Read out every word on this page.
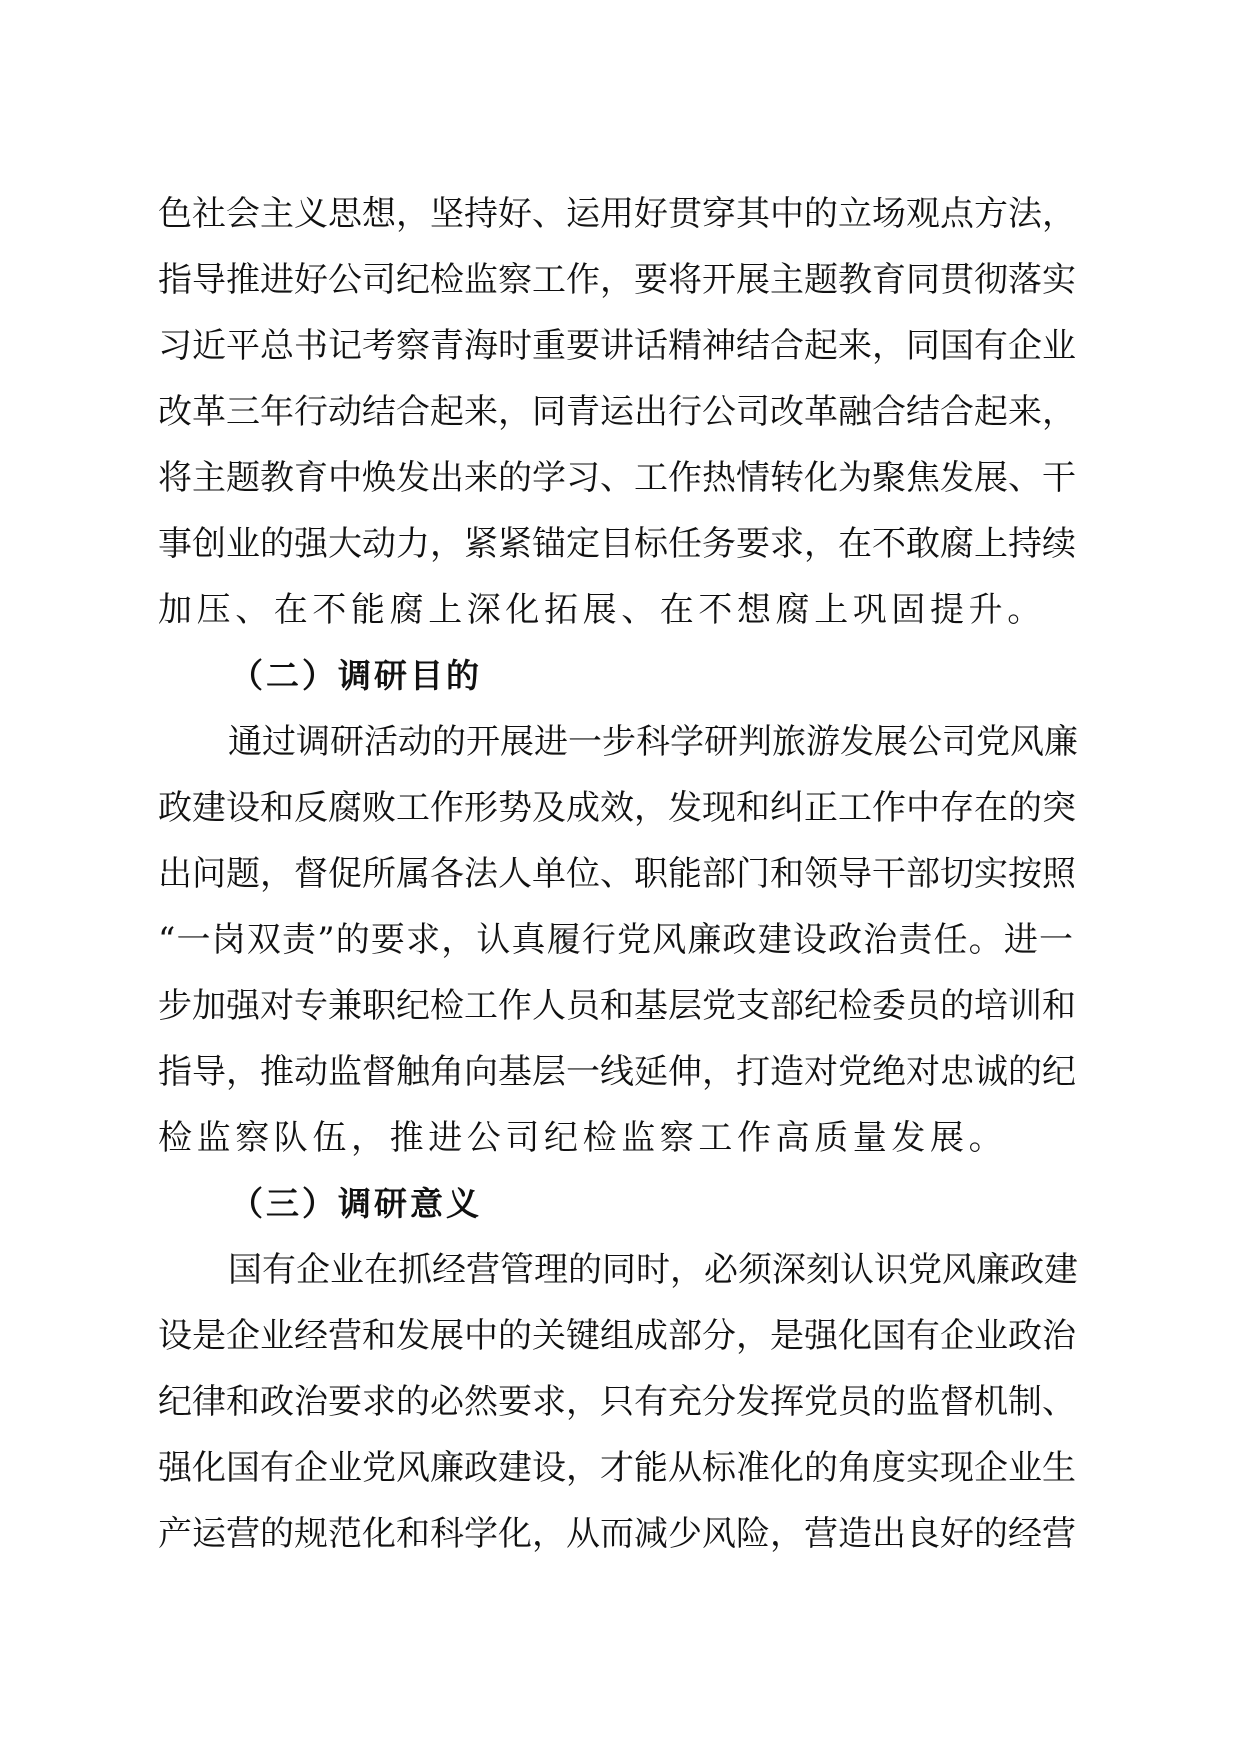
色社会主义思想，坚持好、运用好贯穿其中的立场观点方法，
指导推进好公司纪检监察工作，要将开展主题教育同贯彻落实
习近平总书记考察青海时重要讲话精神结合起来，同国有企业
改革三年行动结合起来，同青运出行公司改革融合结合起来，
将主题教育中焕发出来的学习、工作热情转化为聚焦发展、干
事创业的强大动力，紧紧锚定目标任务要求，在不敢腐上持续
加压、在不能腐上深化拓展、在不想腐上巩固提升。
（二）调研目的
通过调研活动的开展进一步科学研判旅游发展公司党风廉
政建设和反腐败工作形势及成效，发现和纠正工作中存在的突
出问题，督促所属各法人单位、职能部门和领导干部切实按照
“一岗双责”的要求，认真履行党风廉政建设政治责任。进一
步加强对专兼职纪检工作人员和基层党支部纪检委员的培训和
指导，推动监督触角向基层一线延伸，打造对党绝对忠诚的纪
检监察队伍，推进公司纪检监察工作高质量发展。
（三）调研意义
国有企业在抓经营管理的同时，必须深刻认识党风廉政建
设是企业经营和发展中的关键组成部分，是强化国有企业政治
纪律和政治要求的必然要求，只有充分发挥党员的监督机制、
强化国有企业党风廉政建设，才能从标准化的角度实现企业生
产运营的规范化和科学化，从而减少风险，营造出良好的经营
